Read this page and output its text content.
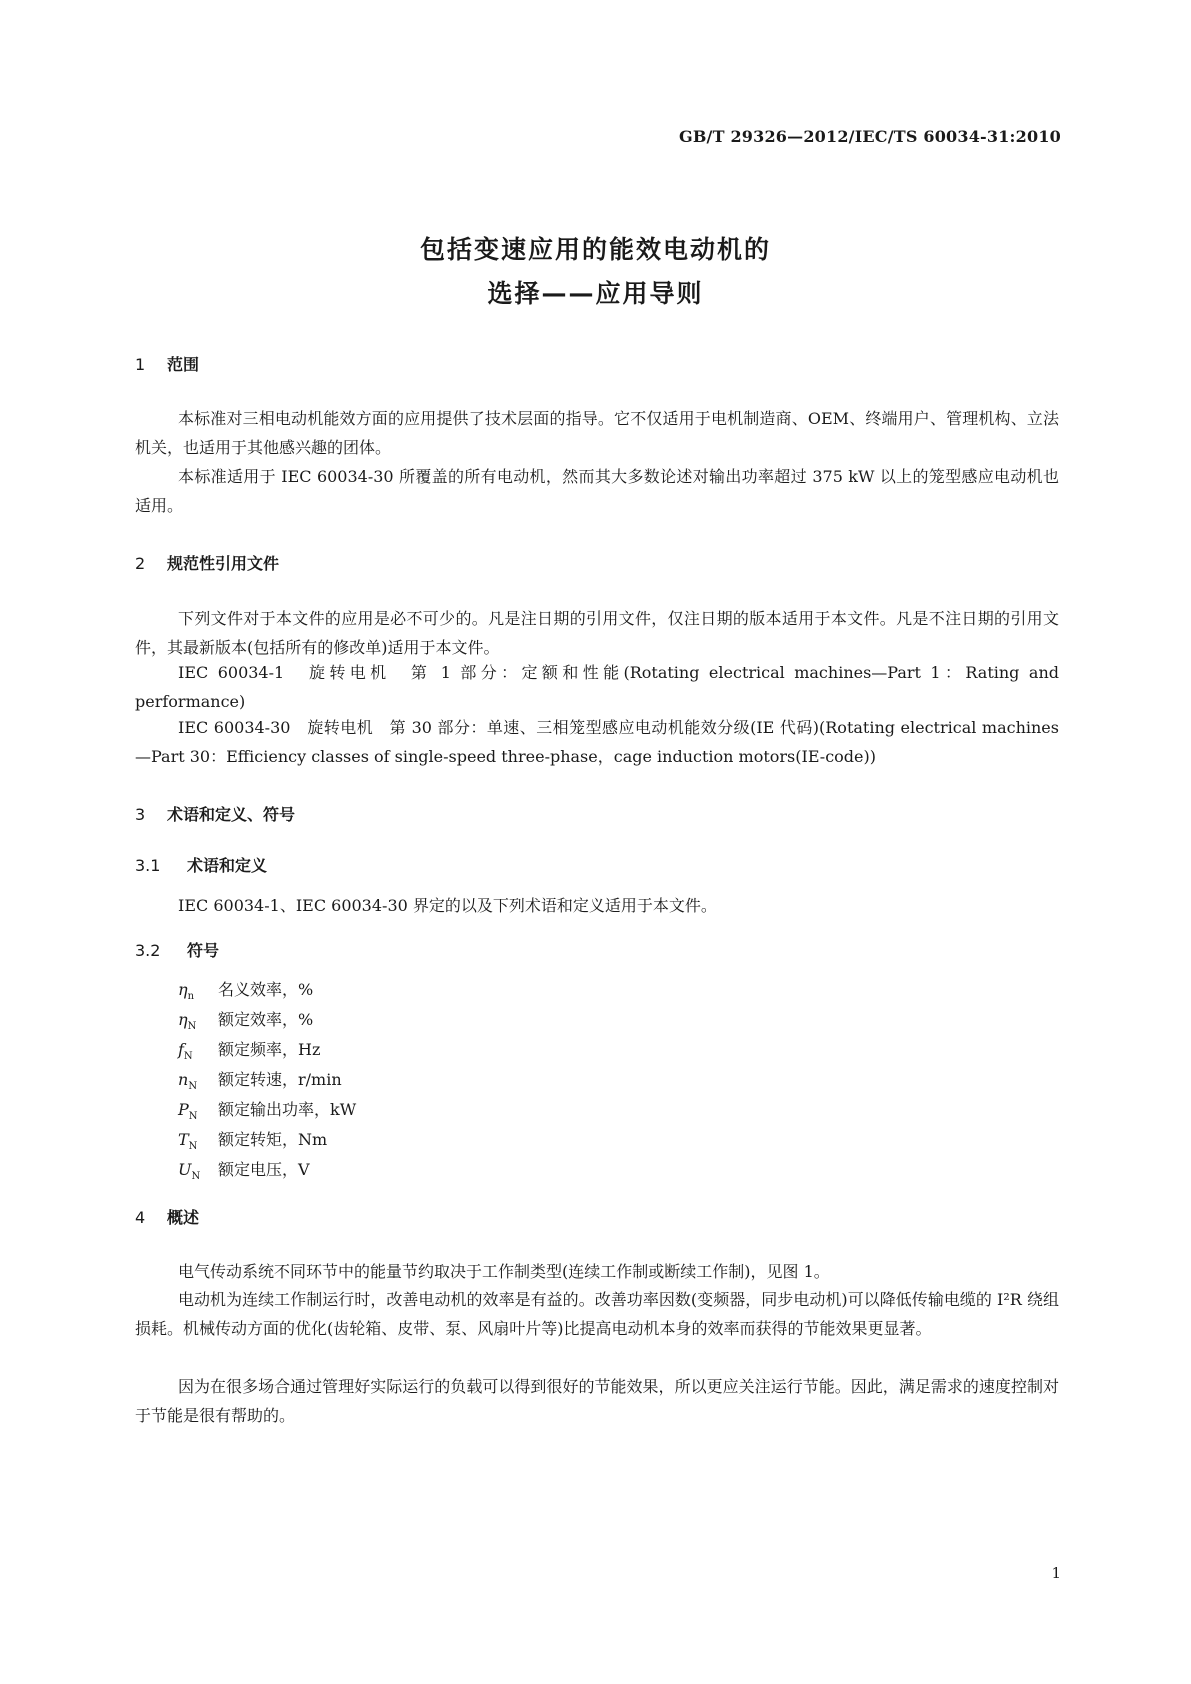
GB/T 29326—2012/IEC/TS 60034-31:2010
包括变速应用的能效电动机的
选择——应用导则
1 范围
本标准对三相电动机能效方面的应用提供了技术层面的指导。它不仅适用于电机制造商、OEM、终端用户、管理机构、立法机关，也适用于其他感兴趣的团体。
本标准适用于 IEC 60034-30 所覆盖的所有电动机，然而其大多数论述对输出功率超过 375 kW 以上的笼型感应电动机也适用。
2 规范性引用文件
下列文件对于本文件的应用是必不可少的。凡是注日期的引用文件，仅注日期的版本适用于本文件。凡是不注日期的引用文件，其最新版本(包括所有的修改单)适用于本文件。
IEC 60034-1　旋转电机　第 1 部分：定额和性能(Rotating electrical machines—Part 1：Rating and performance)
IEC 60034-30　旋转电机　第 30 部分：单速、三相笼型感应电动机能效分级(IE 代码)(Rotating electrical machines—Part 30：Efficiency classes of single-speed three-phase，cage induction motors(IE-code))
3 术语和定义、符号
3.1 术语和定义
IEC 60034-1、IEC 60034-30 界定的以及下列术语和定义适用于本文件。
3.2 符号
$\eta_n$	名义效率，%
$\eta_N$	额定效率，%
$f_N$	额定频率，Hz
$n_N$	额定转速，r/min
$P_N$	额定输出功率，kW
$T_N$	额定转矩，Nm
$U_N$	额定电压，V
4 概述
电气传动系统不同环节中的能量节约取决于工作制类型(连续工作制或断续工作制)，见图 1。
电动机为连续工作制运行时，改善电动机的效率是有益的。改善功率因数(变频器，同步电动机)可以降低传输电缆的 I²R 绕组损耗。机械传动方面的优化(齿轮箱、皮带、泵、风扇叶片等)比提高电动机本身的效率而获得的节能效果更显著。
因为在很多场合通过管理好实际运行的负载可以得到很好的节能效果，所以更应关注运行节能。因此，满足需求的速度控制对于节能是很有帮助的。
1
